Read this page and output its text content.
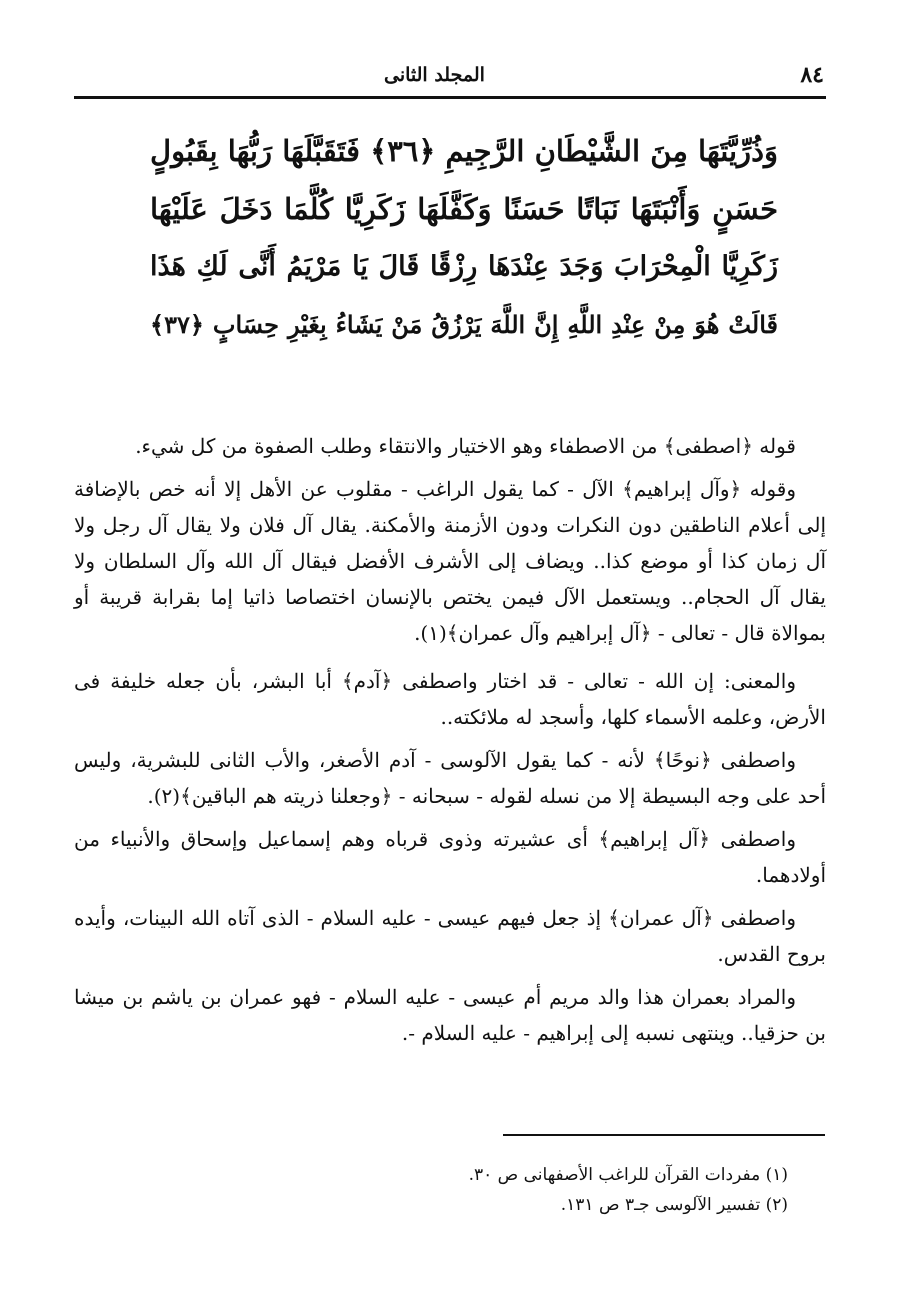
٨٤
المجلد الثانى
وَذُرِّيَّتَهَا مِنَ الشَّيْطَانِ الرَّجِيمِ ﴿٣٦﴾ فَتَقَبَّلَهَا رَبُّهَا بِقَبُولٍ
حَسَنٍ وَأَنْبَتَهَا نَبَاتًا حَسَنًا وَكَفَّلَهَا زَكَرِيَّا كُلَّمَا دَخَلَ عَلَيْهَا
زَكَرِيَّا الْمِحْرَابَ وَجَدَ عِنْدَهَا رِزْقًا قَالَ يَا مَرْيَمُ أَنَّى لَكِ هَذَا
قَالَتْ هُوَ مِنْ عِنْدِ اللَّهِ إِنَّ اللَّهَ يَرْزُقُ مَنْ يَشَاءُ بِغَيْرِ حِسَابٍ ﴿٣٧﴾

قوله ﴿اصطفى﴾ من الاصطفاء وهو الاختيار والانتقاء وطلب الصفوة من كل شيء.

وقوله ﴿وآل إبراهيم﴾ الآل - كما يقول الراغب - مقلوب عن الأهل إلا أنه خص بالإضافة إلى أعلام الناطقين دون النكرات ودون الأزمنة والأمكنة. يقال آل فلان ولا يقال آل رجل ولا آل زمان كذا أو موضع كذا.. ويضاف إلى الأشرف الأفضل فيقال آل الله وآل السلطان ولا يقال آل الحجام.. ويستعمل الآل فيمن يختص بالإنسان اختصاصا ذاتيا إما بقرابة قريبة أو بموالاة قال - تعالى - ﴿آل إبراهيم وآل عمران﴾(١).

والمعنى: إن الله - تعالى - قد اختار واصطفى ﴿آدم﴾ أبا البشر، بأن جعله خليفة فى الأرض، وعلمه الأسماء كلها، وأسجد له ملائكته..

واصطفى ﴿نوحًا﴾ لأنه - كما يقول الآلوسى - آدم الأصغر، والأب الثانى للبشرية، وليس أحد على وجه البسيطة إلا من نسله لقوله - سبحانه - ﴿وجعلنا ذريته هم الباقين﴾(٢).

واصطفى ﴿آل إبراهيم﴾ أى عشيرته وذوى قرباه وهم إسماعيل وإسحاق والأنبياء من أولادهما.

واصطفى ﴿آل عمران﴾ إذ جعل فيهم عيسى - عليه السلام - الذى آتاه الله البينات، وأيده بروح القدس.

والمراد بعمران هذا والد مريم أم عيسى - عليه السلام - فهو عمران بن ياشم بن ميشا بن حزقيا.. وينتهى نسبه إلى إبراهيم - عليه السلام -.

(١) مفردات القرآن للراغب الأصفهانى ص ٣٠.
(٢) تفسير الآلوسى جـ٣ ص ١٣١.
